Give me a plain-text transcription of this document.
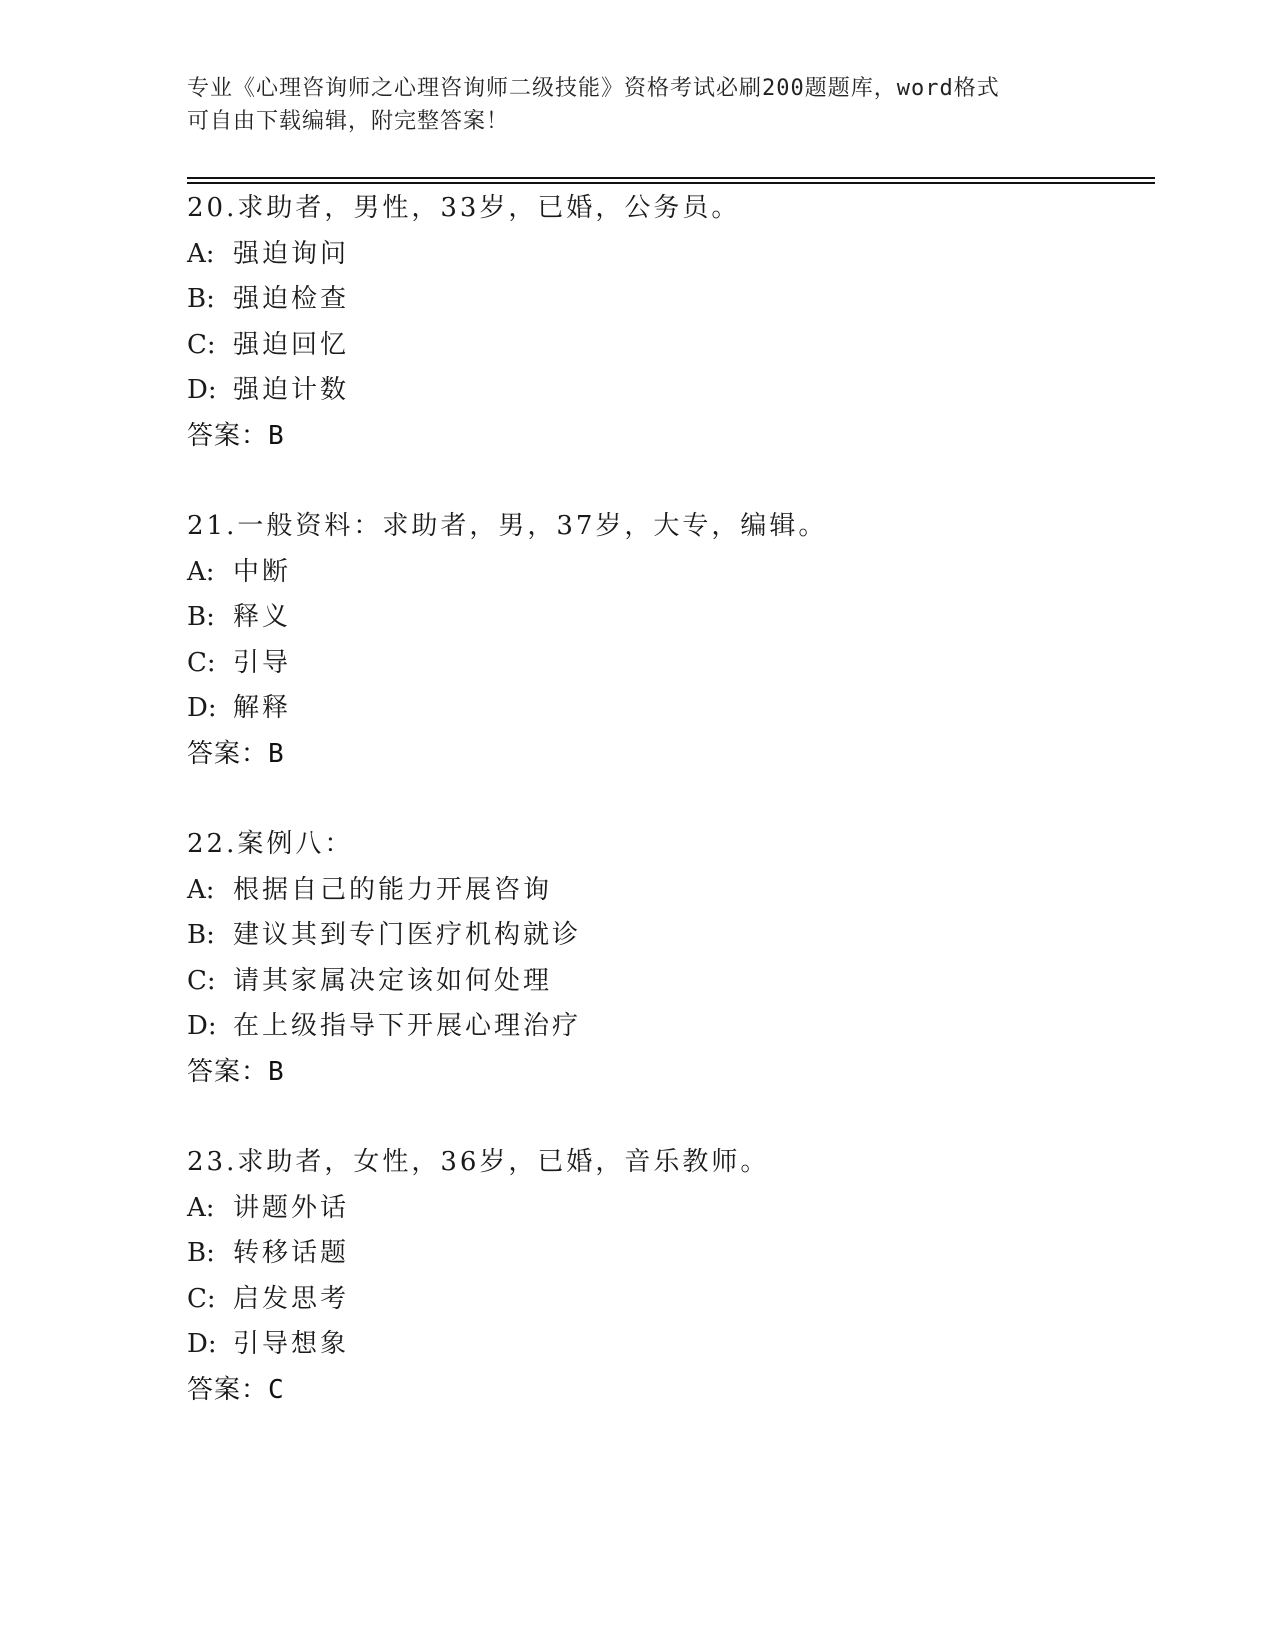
专业《心理咨询师之心理咨询师二级技能》资格考试必刷200题题库，word格式
可自由下载编辑，附完整答案！
20.求助者，男性，33岁，已婚，公务员。
A: 强迫询问
B: 强迫检查
C: 强迫回忆
D: 强迫计数
答案：B
21.一般资料：求助者，男，37岁，大专，编辑。
A: 中断
B: 释义
C: 引导
D: 解释
答案：B
22.案例八：
A: 根据自己的能力开展咨询
B: 建议其到专门医疗机构就诊
C: 请其家属决定该如何处理
D: 在上级指导下开展心理治疗
答案：B
23.求助者，女性，36岁，已婚，音乐教师。
A: 讲题外话
B: 转移话题
C: 启发思考
D: 引导想象
答案：C
